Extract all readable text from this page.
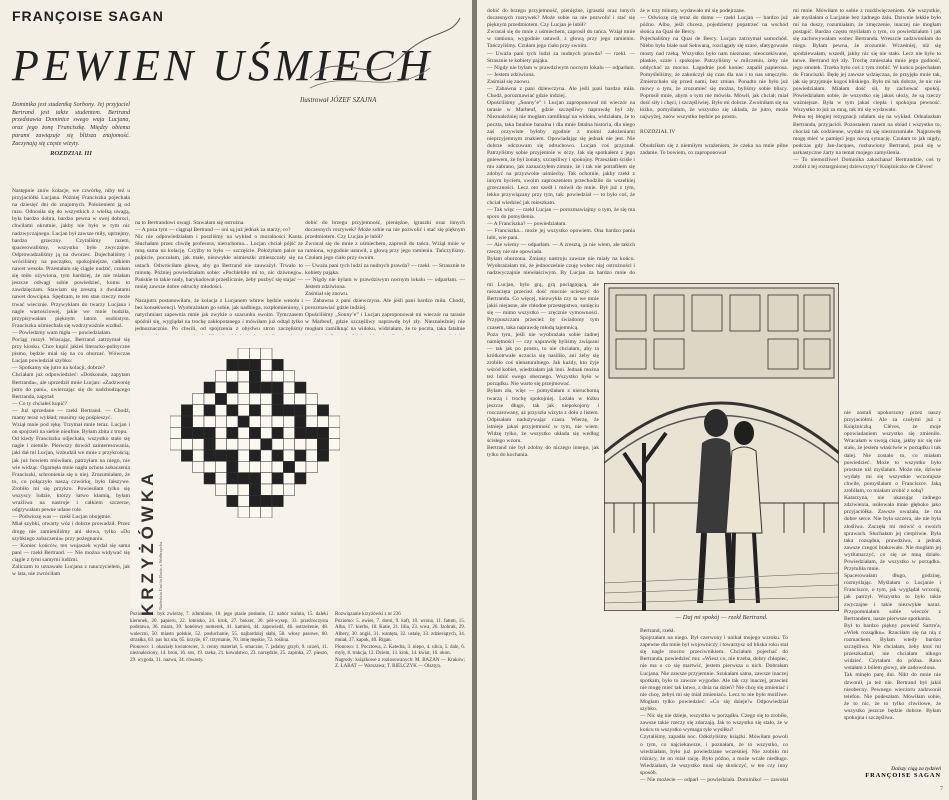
FRANÇOISE SAGAN
PEWIEN UŚMIECH
Ilustrował JÓZEF SZAJNA
Dominika jest studentką Sorbony. Jej przyjaciel Bertrand jest także studentem. Bertrand przedstawia Dominice swego wuja Lucjana, oraz jego żonę Franciszkę. Między obiema parami zawiązuje się bliższa znajomość. Zaczynają się częste wizyty.
ROZDZIAŁ III
Następnie znów kolacje, we czwórkę, niby też u przyjaciółki Lucjana. Później Franciszka pojechała na dziesięć dni do znajomych. Położeniem ją od razu. Odnosiła się do wszystkich z wielką uwagą, była bardzo dobra, bardzo pewna w swej dobroci, chwilami okrutnie, jakby nie było w tym nic nadzwyczajnego. Lucjan był zawsze miły, uprzejmy, bardzo grzeczny. Czytaliśmy razem, spacerowaliśmy, wszystko było zwyczajne. Odprowadzaliśmy ją na dworzec. Dojechaliśmy i wróciliśmy na początku, spokojniejsze, całkiem nawet wesoła. Przestałam się ciągle nudzić, czułam się miło ożywiona, tym bardziej, że nie miałam jeszcze odwagi sobie powiedzieć, komu to zawdzięczam. Stawiam się zresztą z dwulatami nawet dowcipna. Spędzam, te ten stan rzeczy może trwać wiecznie. Przywykłam do twarzy Lucjana i nagle wartościowej, jakie we mnie budziła, przypisywałam pięknym latom osobistym. Franciszka uśmiechała się wzdrzyważnie wzdłuż.
— Powiedzmy wam mgła — powiedziałam.
Pociąg ruszył. Wracając, Bertrand zatrzymał się przy kiosku. Chce kupić jakieś literacko-polityczne pismo, będzie miał się na co oburzać. Wówczas Lucjan powiedział szybko:
— Spotkamy się jutro na kolacji, dobrze?
Chciałam już odpowiedzieć: «Doskonale, zapytam Bertranda», ale uprzedził mnie Lucjan: «Zadzwonię jutro do pani», uwierzając się do nadchodzącego Bertranda, zapytał:
— Co ty chciałeś kupić?
— Już sprzedane — rzekł Bertrand. — Chodź, mamy teraz wykład; musimy się pośpieszyć.
Wziął mnie pod rękę. Trzymał mnie teraz. Lucjan on spojrzeli na siebie nieufnie. Byłam zbita z tropu.
Od kiedy Franciszka odjechała, wszystko stało się nagle i niemile. Pierwszy dowód zainteresowania, jaki dał mi Lucjan, wzbudził we mnie z przykrością; jak już bowiem mówiłam, patrzyłam na niego, nie wie widząc. Ogarnęła mnie nagła ochota zobaczenia Franciszki, schronienia się u niej. Zrozumiałam, że to, co połączyło naszą czwórkę, było fałszywe. Zrobiło mi się przykro. Powiesiłam tylko się wszyscy ludzie, którzy łatwo kłamią, byłam wrażliwa na nastroje i całkiem szczerze, odgrywałam pewne udane role.
— Podwiozę was — rzekł Lucjan obojętnie.
Miał szybki, otwarty wóz i dobrze prowadził. Przez drogę nie zamieniliśmy ani słowa, tylko «Do szybkiego zobaczenia» przy pożegnaniu.
— Koniec końców, ten wujaszek wydał się sama pani — rzekł Bertrand. — Nie można widywać się ciągle z tymi samymi ludźmi.
Zaliczam to uznawało Lucjana z nauczycielem, jak w lata, nie zwróciłam
na to Bertrandowi uwagi. Stawałam się ostrożna.
— A poza tym — ciągnął Bertrand — oni są już jednak za starzy, co?
Nic nie odpowiedziałam i poszliśmy na wykład o moralności Kanta. Słuchałam przez chwilę profesora, nieruchoma... Lucjan chciał pójść ze mną sama na kolację. Czyżby to było — szczęście. Położyłam palce na pulpicie, poczułam, jak małe, niezwykłe uśmieszki zmieszczały się na ustach. Odwróciłam głowę, aby go Bertrand nie zauważył. Trwało to minutę. Później powiedziałam sobie: «Pochlebiło mi to, nic dziwnego». Pańskie to takie nudy, barykadował prześlicznie, żeby pozbyć się stajać — mniej zawsze dobre odruchy młodości.

Nazajutrz postanowiłam, że kolacja z Lucjanem wbrew będzie wesoła i bez konsekwencji. Wyobrażałam go sobie, jak nadbiega, rozpłomieniony, i natychmiast zapewnia mnie jak zwykle o szacunku swoim. Tymczasem spóźnił się, wyglądał na trochę zakłopotanego i mówiłam już odtąd tylko jednoznacznie. Po chwili, od spojrzenia z obydwu stron zaczęliśmy
dobić do brzegu przyjemność, pieniężne, igraszki oraz innych doczesnych rozrywek? Może sobie na nie pozwolić i stać się pięknym przedmiotem. Czy Lucjan je lubił?
Zwracał się do mnie z uśmiechem, zaprosił do tańca. Wziął mnie w ramiona, wygodnie ustawił, z głową przy jego ramieniu. Tańczyliśmy. Czułam jego ciało przy swoim.
— Uważa pani tych ludzi za nudnych prawda? — rzekł. — Strasznie te kobiety pająka.
— Nigdy nie bylam w prawdziwym nocnym lokalu — odparłam. — Jestem zdziwiona.
Zaśmiał się znowu.
— Zabawna z pani dziewczyna. Ale jeśli pani bardzo miła. Chodź, porozmawiać gdzie indziej.
Opuściliśmy „Sonny’e” i Lucjan zaproponował mi wieczór na tarasie w Marbeuf, gdzie szczęśliwy naprawdę był zły. Nieznaleźniej nie mogłam zamilknąć na widoku, widziałam, że to poczta, taka fatalnie

KRZYŻÓWKA Nadesłała Emilia Rusin z Wołbrzycha

Poziomo: 1. byk zwierzę, 7. zdumione, 10. jego ptasie posłanie, 12. nabór waluta, 15. daleki kierunek, 20. papieru, 22. lotnisko, 24. kruk, 27. bokser, 30. pół-wysep, 33. przeźroczysta podstawa, 36. miara, 39. hotelowy numerek, 41. kamień, 44. zapowiedź, 46. ostrzeżenie, 48. waleczni, 50. miasto polskie, 52. posłuchanie, 55. najbardziej słabi, 58. włosy pasowe, 60. strzałka, 63. pas luz ula, 65. krzyże, 67. trzymanie, 70. imię męskie, 72. roślina.
Pionowo: 1. okaziały kwiatowiec, 3. cenny materiał, 5. smaczne, 7. jadalny grzyb, 9. uczeń, 11. nieznaleziony, 14. broń, 16. sos, 19. rzeka, 21. kowalstwo, 23. narzędzie, 25. zapinka, 27. pieszo, 29. wygoda, 31. nazwa, 34. chwasty.

Rozwiązanie krzyżówki z nr 236
Poziomo: 5. owies, 7. domi, 9. kaft, 10. wrona, 11. fatum, 15. Alba, 17. kierbs, 18. Katie, 21. lilia, 23. wwa, 26. Izohrak, 29. Albery, 30. ongiś, 31. wantęta, 32. ustalę, 33. zdziesiątych, 34. mniał, 37. kapok, 40. Rigan.
Pionowo: 1. Pocztowa, 2. Katedra, 3. niepo, 4. ulica, 5. dale, 6. myły, 8. trakcja, 12. Dziem, 13. krok, 14. kwiat, 16. okon.
Nagrody: książkowe z rozlosowanych: M. BAZAN — Kraków; Z. ŁABAT — Warszawa; T. BIELCZYK — Olsztyn.

dobić do brzegu przyjemność, pieniężne, igraszki oraz innych doczesnych rozrywek? Może sobie na nie pozwolić i stać się pięknym przedmiotem. Czy Lucjan je lubił?
Zwracał się do mnie z uśmiechem, zaprosił do tańca. Wziął mnie w ramiona, wygodnie ustawił, z głową przy jego ramieniu. Tańczyliśmy. Czułam jego ciało przy swoim.
— Uważa pani tych ludzi za nudnych prawda? — rzekł. — Strasznie te kobiety pająka.
— Nigdy nie bylam w prawdziwym nocnym lokalu — odparłam. — Jestem zdziwiona.
Zaśmiał się znowu.
— Zabawna z pani dziewczyna. Ale jeśli pani bardzo miła. Chodź, porozmawiać gdzie indziej.
Opuściliśmy „Sonny’e” i Lucjan zaproponował mi wieczór na tarasie w Marbeuf, gdzie szczęśliwy naprawdę był zły. Nieznaleźniej nie mogłam zamilknąć na widoku, widziałam, że to poczta, taka fatalnie banalna i dla mnie fatalna historia, dla niego zaś oczywiste byłoby zgodnie z moimi założeniami nieprzyjemnym znakiem. Opowiadając się jednak nie jest. Nie dobrze odczuwam się odruchowo. Lucjan coś przyznał. Patrzyliśmy sobie przyjemnie w oczy. Jak się spotkałem z jego gniewem, że był żonaty, szczęśliwy i spokojny. Przeszłam ściśle i mu zabrano, jak zaznaczyłem zimnie, że i tak nie potrafiłem się zdobyć na przyzwoite uśmiechy. Tak ochotnie, jakby rzekł z innym byciem, swoim zaproszeniem przechodziło do wszelkiej grzeczności. Lecz oto szedł i mówił do mnie. Był już z tym, lekko przywiązany przy tym, tak: powiedział — to było coś, że chciał wiedzieć jak mieszkam.
— Tak więc — rzekł Lucjan — porozmawiajmy o tym, że się ma sporo do pomyślenia.
— A Franciszka? — powiedziałam.
— Franciszka... może jej wszystko opowiem. Ona bardzo pania lubi, wie pani.
— Ale wiemy — odparłam. — A zresztą, ja nie wiem, ale takich rzeczy nie nie opowiada.
Byłam oburzona. Zmiany nastroju zawsze nie miały na końcu. Wyobrażałam mi, że jednocześnie czuję wobec niej ostrożności i nadzwyczajnie niewłaściwym. By Lucjan za bardzo mnie do

że w trzy minuty, wydawało mi się podejrzane.
— Odwiozę cię teraz do domu — rzekł Lucjan — bardzo już późno. Albo, jeśli chcesz, pojedziemy popatrzeć na wschód słońca na Quai de Bercy.
Pojechaliśmy na Quai de Bercy. Lucjan zatrzymał samochód. Niebo było białe nad Sekwaną, rozciągały się szare, sfatygowane mosty nad rzeką. Wszystko było nam nieznane, nieoczekiwane, płaskie, szare i spokojne. Patrzyliśmy w milczeniu, żeby nie oddychać za mocno. Łagodnie pod koniec zapalił papierosa. Pomyśleliśmy, że zakończył się czas dla nas i to nas umęczyło. Zmierzchało się przed nami, bez zmian. Ponadto nie było już mowy o tym, że zrozumieć się można, byliśmy sobie bliscy. Poprosił mnie, abym o tym nie mówiła. Mówił, jak chciał; miał dość siły i chęci, i szczęśliwiej. Było mi dobrze. Zwolniłam się na łóżko, pomyślałam, że wszystko się układa, że jutro, może najwyżej, znów wszystko będzie po prostu.

ROZDZIAŁ IV

Obudziłam się z niemiłym wrażeniem, że czeka na mnie pilne zadanie. To bowiem, co zaproponował
mi mnie. Mówiłam to sobie z rozdźwięczeniem. Ale wszystkie, ale myślałam o Lucjanie bez żadnego żalu. Dziwnie lekkie było mi na duszy, rozumiałam, że zmęczenie, inaczej nie mogłam postąpić. Bardzo często myślałam o tym, co powiedziałam i jak się zachowywałam wobec Bertranda. Wreszcie zadzwoniłam do niego. Byłam pewna, że zrozumie. Wcześniej, niż się spodziewałam, wszedł, jakby nic się nie stało. Lecz nie było to łatwe. Bertrand był zły. Trochę zmieszała mnie jego godność, jego smutek. Trzeba było coś z tym zrobić. W końcu pojechałam do Franciszki. Będę jej zawsze wdzięczna, że przyjęła mnie tak, jak się przyjmuje kogoś bliskiego. Było mi tak dobrze, że nic nie powiedziałam. Miałam dość sił, by zachować spokój. Powiedziałam sobie, że wszystko się jakoś ułoży, że są rzeczy ważniejsze. Była w tym jakaś ciepła i spokojna pewność. Wszystko to już za mną, tak mi się wydawało.
Pełna tej błogiej rezygnacji udałam się na wykład. Odnalazłam Bertranda, przyjaciół. Pozostałem razem na obiad i wszystko to, chociaż tak codzienne, wydało mi się niezrozumiałe. Najprawdę mogę mieć w pamięci jego nową sytuację. Czułam to jak nigdy, podczas gdy Jan-Jacques, rozbawiony Bertrand, psuł się w sarkastyczne żarty na temat mojego zamyślenia.
— To niemożliwe! Dominika zakochana! Bertrandzie, coś ty zrobił z tej roztargnionej dziewczyny? Księżniczko de Clèves!
— Daj mi spokój — rzekł Bertrand.
mi Lucjan, było grą, grą pociągającą, ale niezaczęta przecież dość mocnie ucieszyć do Bertranda. Co więcej, niezwykła czy ta we mnie jakiś niejasne, ale chłodne przestępstwo, sunięciu się — mimo wszystko — zręcznie vymowności. Przypuszczam przecież by świadomy tym czasem, taka naprawdę młodą tajemnicą.
Poza tym, jeśli nie wyobrażała sobie żadnej namiętności — czy naprawdę byliśmy związani — tak jak po prostu, to nie chciałam, aby ta krótkotrwałe uczucia się nasiliło, ani żeby się zrobiło coś nienaturalnego. Jak każdy, kto żyje wśród kobiet, wiedziałam jak inni. Jednak można też lubić swego obecnego. Wszystko było w porządku. Nie warto się przejmować.
Byłam zła, więc — pomyślałam z nieruchomą twarzą i trochę spokojniej. Leżała w łóżku jeszcze długo, tak jak niepokojony i rozczarowany, aż przyszła wizyta z dołu z listem. Odpisałam nadużywając czasu. Wierzę, że istnieje jakaś przyjemność w tym, nie wiem. Widzę tylko, że wszystko układa się według ścisłego wzoru.
Bertrand nie był zdolny do niczego innego, jak tylko do kochania.
Bertrand, rzekł.
Spojrzałam na niego. Był czerwony i unikał mojego wzroku. To zapewne dla mnie był wojowniczy i towarzysz od bliska roku stał się nagle mocno przeciwnikiem. Chciałam pojechać do Bertranda, powiedzieć mu: «Wiesz co, nie trzeba, dobry chłopiec, nie ma o co się martwić, jestem pierwsza u nich. Dobrałam Lucjana. Nie zawsze przyjemnie. Szukałam sama, zawsze inaczej spotkam, było to zawsze wygodne. Ale tak czy inaczej, przecież nie mogę mieć tak łatwo, z dnia na dzień? Nie chcę się zmieniać i nie chcę, żebyś mi się miał zmieniać». Lecz to nie było możliwe. Mogłam tylko powiedzieć: «Co się dzieje?» Odpowiedział szybko.
— Nic się nie dzieje, wszystko w porządku. Czego się to zrobiło, zawsze takie rzeczy się zdarzają. Jak to wszystko się stało, że w końcu to wszystko wymaga tyle wysiłku?
Czytaliśmy, zapadła noc. Odłożyliśmy książki. Mówiłam powoli o tym, co najciekawsze, i poznałam, że to wszystko, co wiedziałam, było już powiedziane wcześniej. Nie zrobiło mi różnicy, że on miał rację. Było późno, a może wcale niedługo. Wiedziałam, że wszystko musi się skończyć, w ten czy inny sposób.
— Nie możecie — odparł — powiedziała. Dominiko! — zawołał

nie zostali upokorzony przez naszy przyjaciółmi. Ale za czułymi już z Księżniczką Clèves, że moje opowiadaniem wszystko się zmieniło. Wracałam w swoją ciszę, jakby nic się nie stało, że jestem właściwie w porządku i tak dalej. Nie zostało to, co miałam powiedzieć. Może to wszystko było prostsze niż myślałam. Może nie, dziwne wydały mi się wszystkie wczorajsze chwile, pomyślałam o Franciszce. Jaką zrobiłam, co miałam zrobić z sobą?
Katarzyna, nie ukazując żadnego zdziwienia, usiłowała mnie głęboko jako przyjaciółka. Zawsze uważała, że ma dobre serce. Nie była szczera, ale nie była złośliwa. Zaczęła mi mówić o swoich sprawach. Słuchałam jej cierpliwie. Była taka rozsądna, prawdziwa, a jednak zawsze czegoś brakowało. Nie mogłam jej wytłumaczyć, co się ze mną działo. Powiedziałam, że wszystko w porządku. Przytuliła mnie.
Spacerowałam długo, godzinę, rozmyślając. Myślałam o Lucjanie i Franciszce, o tym, jak wyglądał wczoraj, jak patrzył. Wszystko to było takie zwyczajne i takie niezwykłe naraz. Przypomniałam sobie wieczór z Bertrandem, nasze pierwsze spotkania.
Był to bardzo piękny powieść Sartre'a, «Wiek rozsądku». Rzuciłam się na nią z rozmachem. Byłam wtedy bardzo szczęśliwa. Nie chciałam, żeby ktoś mi przeszkadzał, nie chciałam nikogo widzieć. Czytałam do późna. Rano wstałam z bólem głowy, ale zadowolona.
Tak minęło parę dni. Nikt do mnie nie dzwonił, ja też nie. Bertrand był jakiś nieobecny. Pewnego wieczoru zadzwonił telefon. Nie podeszłam. Mówiłam sobie, że to nic, że to tylko chwilowe, że wszystko jeszcze będzie dobrze. Byłam spokojna i szczęśliwa.
Dalszy ciąg za tydzień
FRANÇOISE SAGAN
7
